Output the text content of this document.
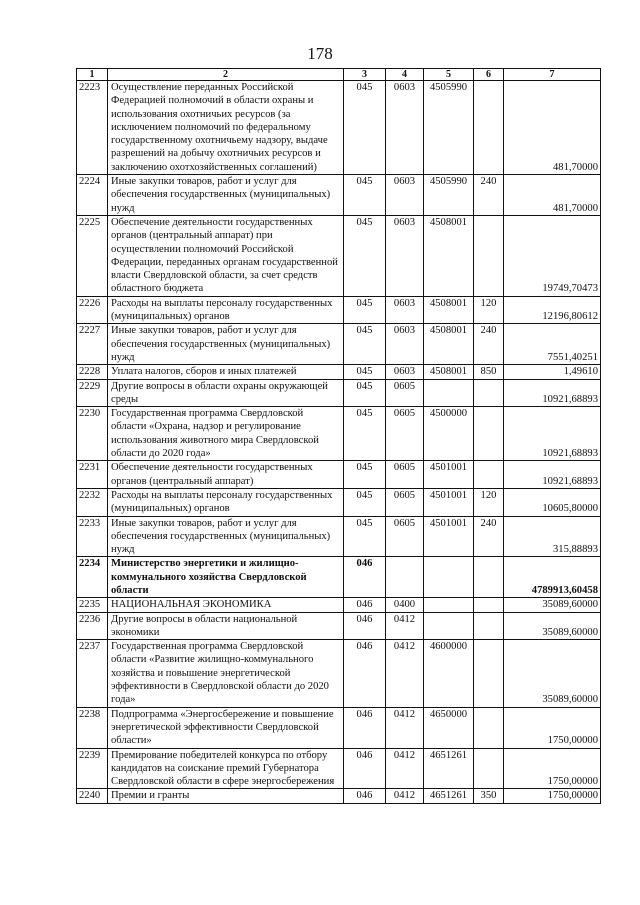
178
1	2	3	4	5	6	7
2223	Осуществление переданных Российской Федерацией полномочий в области охраны и использования охотничьих ресурсов (за исключением полномочий по федеральному государственному охотничьему надзору, выдаче разрешений на добычу охотничьих ресурсов и заключению охотхозяйственных соглашений)	045	0603	4505990		481,70000
2224	Иные закупки товаров, работ и услуг для обеспечения государственных (муниципальных) нужд	045	0603	4505990	240	481,70000
2225	Обеспечение деятельности государственных органов (центральный аппарат) при осуществлении полномочий Российской Федерации, переданных органам государственной власти Свердловской области, за счет средств областного бюджета	045	0603	4508001		19749,70473
2226	Расходы на выплаты персоналу государственных (муниципальных) органов	045	0603	4508001	120	12196,80612
2227	Иные закупки товаров, работ и услуг для обеспечения государственных (муниципальных) нужд	045	0603	4508001	240	7551,40251
2228	Уплата налогов, сборов и иных платежей	045	0603	4508001	850	1,49610
2229	Другие вопросы в области охраны окружающей среды	045	0605			10921,68893
2230	Государственная программа Свердловской области «Охрана, надзор и регулирование использования животного мира Свердловской области до 2020 года»	045	0605	4500000		10921,68893
2231	Обеспечение деятельности государственных органов (центральный аппарат)	045	0605	4501001		10921,68893
2232	Расходы на выплаты персоналу государственных (муниципальных) органов	045	0605	4501001	120	10605,80000
2233	Иные закупки товаров, работ и услуг для обеспечения государственных (муниципальных) нужд	045	0605	4501001	240	315,88893
2234	Министерство энергетики и жилищно-коммунального хозяйства Свердловской области	046				4789913,60458
2235	НАЦИОНАЛЬНАЯ ЭКОНОМИКА	046	0400			35089,60000
2236	Другие вопросы в области национальной экономики	046	0412			35089,60000
2237	Государственная программа Свердловской области «Развитие жилищно-коммунального хозяйства и повышение энергетической эффективности в Свердловской области до 2020 года»	046	0412	4600000		35089,60000
2238	Подпрограмма «Энергосбережение и повышение энергетической эффективности Свердловской области»	046	0412	4650000		1750,00000
2239	Премирование победителей конкурса по отбору кандидатов на соискание премий Губернатора Свердловской области в сфере энергосбережения	046	0412	4651261		1750,00000
2240	Премии и гранты	046	0412	4651261	350	1750,00000
